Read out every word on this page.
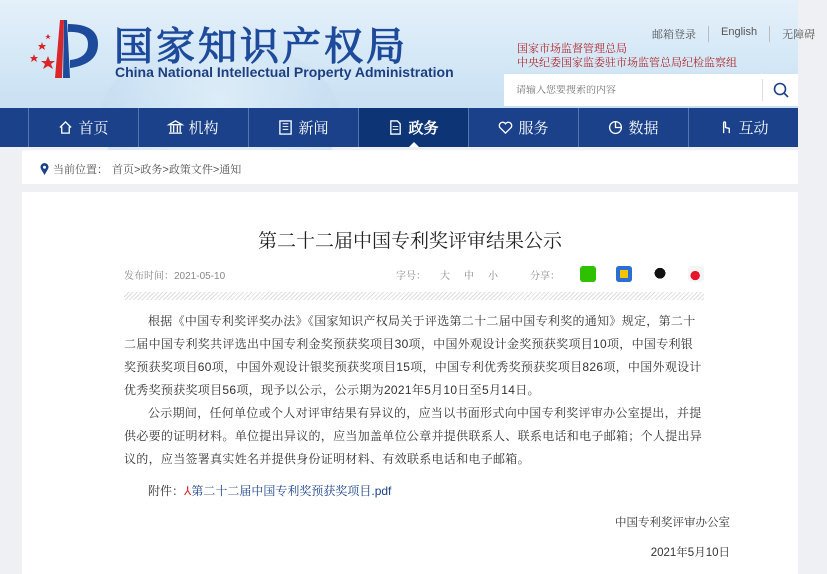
国家知识产权局
China National Intellectual Property Administration
邮箱登录	English	无障碍
国家市场监督管理总局
中央纪委国家监委驻市场监管总局纪检监察组
请输入您要搜索的内容
首页	机构	新闻	政务	服务	数据	互动
当前位置： 首页>政务>政策文件>通知
第二十二届中国专利奖评审结果公示
发布时间：2021-05-10	字号： 大 中 小	分享：
根据《中国专利奖评奖办法》《国家知识产权局关于评选第二十二届中国专利奖的通知》规定，第二十二届中国专利奖共评选出中国专利金奖预获奖项目30项，中国外观设计金奖预获奖项目10项，中国专利银奖预获奖项目60项，中国外观设计银奖预获奖项目15项，中国专利优秀奖预获奖项目826项，中国外观设计优秀奖预获奖项目56项，现予以公示，公示期为2021年5月10日至5月14日。
公示期间，任何单位或个人对评审结果有异议的，应当以书面形式向中国专利奖评审办公室提出，并提供必要的证明材料。单位提出异议的，应当加盖单位公章并提供联系人、联系电话和电子邮箱；个人提出异议的，应当签署真实姓名并提供身份证明材料、有效联系电话和电子邮箱。
附件：⅄第二十二届中国专利奖预获奖项目.pdf
中国专利奖评审办公室
2021年5月10日
